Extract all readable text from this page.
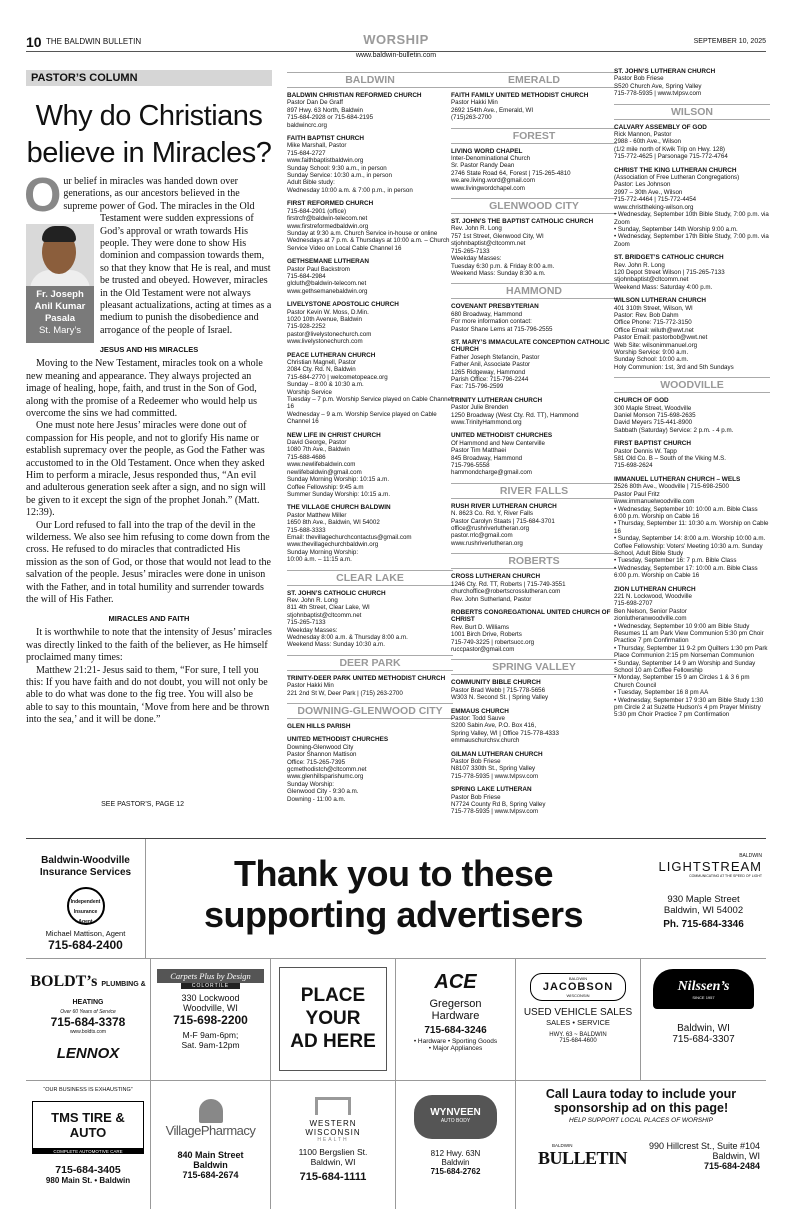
10 THE BALDWIN BULLETIN	WORSHIP
www.baldwin-bulletin.com
SEPTEMBER 10, 2025
PASTOR’S COLUMN
Why do Christians believe in Miracles?
O
Fr. Joseph Anil Kumar Pasala
St. Mary’s
ur belief in miracles was handed down over generations, as our ancestors believed in the supreme power of God. The miracles in the Old Testament were sudden expressions of God’s approval or wrath towards His people. They were done to show His dominion and compassion towards them, so that they know that He is real, and must be trusted and obeyed. However, miracles in the Old Testament were not always pleasant actualizations, acting at times as a medium to punish the disobedience and arrogance of the people of Israel.
JESUS AND HIS MIRACLES
Moving to the New Testament, miracles took on a whole new meaning and appearance. They always projected an image of healing, hope, faith, and trust in the Son of God, along with the promise of a Redeemer who would help us overcome the sins we had committed.
One must note here Jesus’ miracles were done out of compassion for His people, and not to glorify His name or establish supremacy over the people, as God the Father was accustomed to in the Old Testament. Once when they asked Him to perform a miracle, Jesus responded thus, “An evil and adulterous generation seek after a sign, and no sign will be given to it except the sign of the prophet Jonah.” (Matt. 12:39).
Our Lord refused to fall into the trap of the devil in the wilderness. We also see him refusing to come down from the cross. He refused to do miracles that contradicted His mission as the son of God, or those that would not lead to the salvation of the people. Jesus’ miracles were done in unison with the Father, and in total humility and surrender towards the will of His Father.
MIRACLES AND FAITH
It is worthwhile to note that the intensity of Jesus’ miracles was directly linked to the faith of the believer, as He himself proclaimed many times:
Matthew 21:21- Jesus said to them, “For sure, I tell you this: If you have faith and do not doubt, you will not only be able to do what was done to the fig tree. You will also be able to say to this mountain, ‘Move from here and be thrown into the sea,’ and it will be done.”
SEE PASTOR’S, PAGE 12
BALDWIN
BALDWIN CHRISTIAN REFORMED CHURCH
Pastor Dan De Graff
897 Hwy. 63 North, Baldwin
715-684-2928 or 715-684-2195
baldwincrc.org
FAITH BAPTIST CHURCH
Mike Marshall, Pastor
715-684-2727
www.faithbaptistbaldwin.org
Sunday School: 9:30 a.m., in person
Sunday Service: 10:30 a.m., in person
Adult Bible study:
Wednesday 10:00 a.m. & 7:00 p.m., in person
FIRST REFORMED CHURCH
715-684-2901 (office)
firstrcfr@baldwin-telecom.net
www.firstreformedbaldwin.org
Sunday at 9:30 a.m. Church Service in-house or online
Wednesdays at 7 p.m. & Thursdays at 10:00 a.m. – Church Service Video on Local Cable Channel 16
GETHSEMANE LUTHERAN
Pastor Paul Backstrom
715-684-2984
glcluth@baldwin-telecom.net
www.gethsemanebaldwin.org
LIVELYSTONE APOSTOLIC CHURCH
Pastor Kevin W. Moss, D.Min.
1020 10th Avenue, Baldwin
715-928-2252
pastor@livelystonechurch.com
www.livelystonechurch.com
PEACE LUTHERAN CHURCH
Christian Magnell, Pastor
2084 Cty. Rd. N, Baldwin
715-684-2770 | welcometopeace.org
Sunday – 8:00 & 10:30 a.m.
Worship Service
Tuesday – 7 p.m. Worship Service played on Cable Channel 16
Wednesday – 9 a.m. Worship Service played on Cable Channel 16
NEW LIFE IN CHRIST CHURCH
David George, Pastor
1080 7th Ave., Baldwin
715-688-4686
www.newlifebaldwin.com
newlifebaldwin@gmail.com
Sunday Morning Worship: 10:15 a.m.
Coffee Fellowship: 9:45 a.m
Summer Sunday Worship: 10:15 a.m.
THE VILLAGE CHURCH BALDWIN
Pastor Matthew Miller
1650 8th Ave., Baldwin, WI 54002
715-688-3333
Email: thevillagechurchcontactus@gmail.com
www.thevillagechurchbaldwin.org
Sunday Morning Worship:
10:00 a.m. – 11:15 a.m.
CLEAR LAKE
ST. JOHN’S CATHOLIC CHURCH
Rev. John R. Long
811 4th Street, Clear Lake, WI
stjohnbaptist@cltcomm.net
715-265-7133
Weekday Masses:
Wednesday 8:00 a.m. & Thursday 8:00 a.m.
Weekend Mass: Sunday 10:30 a.m.
DEER PARK
TRINITY-DEER PARK UNITED METHODIST CHURCH
Pastor Hakki Min
221 2nd St W, Deer Park | (715) 263-2700
DOWNING-GLENWOOD CITY
GLEN HILLS PARISH
UNITED METHODIST CHURCHES
Downing-Glenwood City
Pastor Shannon Mattison
Office: 715-265-7395
gcmethodistch@cltcomm.net
www.glenhillsparishumc.org
Sunday Worship:
Glenwood City - 9:30 a.m.
Downing - 11:00 a.m.
EMERALD
FAITH FAMILY UNITED METHODIST CHURCH
Pastor Hakki Min
2692 154th Ave., Emerald, WI
(715)263-2700
FOREST
LIVING WORD CHAPEL
Inter-Denominational Church
Sr. Pastor Randy Dean
2746 State Road 64, Forest | 715-265-4810
we.are.living.word@gmail.com
www.livingwordchapel.com
GLENWOOD CITY
ST. JOHN’S THE BAPTIST CATHOLIC CHURCH
Rev. John R. Long
757 1st Street, Glenwood City, WI
stjohnbaptist@cltcomm.net
715-265-7133
Weekday Masses:
Tuesday 6:30 p.m. & Friday 8:00 a.m.
Weekend Mass: Sunday 8:30 a.m.
HAMMOND
COVENANT PRESBYTERIAN
680 Broadway, Hammond
For more information contact:
Pastor Shane Lems at 715-796-2555
ST. MARY’S IMMACULATE CONCEPTION CATHOLIC CHURCH
Father Joseph Stefancin, Pastor
Father Anil, Associate Pastor
1265 Ridgeway, Hammond
Parish Office: 715-796-2244
Fax: 715-796-2599
TRINITY LUTHERAN CHURCH
Pastor Julie Brenden
1250 Broadway (West Cty. Rd. TT), Hammond
www.TrinityHammond.org
UNITED METHODIST CHURCHES
Of Hammond and New Centerville
Pastor Tim Matthaei
845 Broadway, Hammond
715-796-5558
hammondcharge@gmail.com
RIVER FALLS
RUSH RIVER LUTHERAN CHURCH
N. 8623 Co. Rd. Y, River Falls
Pastor Carolyn Staats | 715-684-3701
office@rushriverlutheran.org
pastor.rrlc@gmail.com
www.rushriverlutheran.org
ROBERTS
CROSS LUTHERAN CHURCH
1246 Cty. Rd. TT, Roberts | 715-749-3551
churchoffice@robertscrosslutheran.com
Rev. John Sutherland, Pastor
ROBERTS CONGREGATIONAL UNITED CHURCH OF CHRIST
Rev. Burt D. Williams
1001 Birch Drive, Roberts
715-749-3225 | robertsucc.org
ruccpastor@gmail.com
SPRING VALLEY
COMMUNITY BIBLE CHURCH
Pastor Brad Webb | 715-778-5656
W303 N. Second St. | Spring Valley
EMMAUS CHURCH
Pastor: Todd Sauve
S200 Sabin Ave, P.O. Box 416,
Spring Valley, WI | Office 715-778-4333
emmauschurchsv.church
GILMAN LUTHERAN CHURCH
Pastor Bob Friese
N8107 330th St., Spring Valley
715-778-5935 | www.tvlpsv.com
SPRING LAKE LUTHERAN
Pastor Bob Friese
N7724 County Rd B, Spring Valley
715-778-5935 | www.tvlpsv.com
ST. JOHN’S LUTHERAN CHURCH
Pastor Bob Friese
S520 Church Ave, Spring Valley
715-778-5935 | www.tvlpsv.com
WILSON
CALVARY ASSEMBLY OF GOD
Rick Mannon, Pastor
2988 - 60th Ave., Wilson
(1/2 mile north of Kwik Trip on Hwy. 128)
715-772-4625 | Parsonage 715-772-4764
CHRIST THE KING LUTHERAN CHURCH
(Association of Free Lutheran Congregations)
Pastor: Les Johnson
2997 – 30th Ave., Wilson
715-772-4464 | 715-772-4454
www.christtheking-wilson.org
• Wednesday, September 10th Bible Study, 7:00 p.m. via Zoom
• Sunday, September 14th Worship 9:00 a.m.
• Wednesday, September 17th Bible Study, 7:00 p.m. via Zoom
ST. BRIDGET’S CATHOLIC CHURCH
Rev. John R. Long
120 Depot Street Wilson | 715-265-7133
stjohnbaptist@cltcomm.net
Weekend Mass: Saturday 4:00 p.m.
WILSON LUTHERAN CHURCH
401 310th Street, Wilson, WI
Pastor: Rev. Bob Dahm
Office Phone: 715-772-3150
Office Email: wiluth@wwt.net
Pastor Email: pastorbob@wwt.net
Web Site: wilsonimmanuel.org
Worship Service: 9:00 a.m.
Sunday School: 10:00 a.m.
Holy Communion: 1st, 3rd and 5th Sundays
WOODVILLE
CHURCH OF GOD
300 Maple Street, Woodville
Daniel Monson 715-698-2635
David Meyers 715-441-8900
Sabbath (Saturday) Service: 2 p.m. - 4 p.m.
FIRST BAPTIST CHURCH
Pastor Dennis W. Tapp
581 Old Co. B – South of the Viking M.S.
715-698-2624
IMMANUEL LUTHERAN CHURCH – WELS
2526 80th Ave., Woodville | 715-698-2500
Pastor Paul Fritz
www.immanuelwoodville.com
• Wednesday, September 10: 10:00 a.m. Bible Class 6:00 p.m. Worship on Cable 16
• Thursday, September 11: 10:30 a.m. Worship on Cable 16
• Sunday, September 14: 8:00 a.m. Worship 10:00 a.m. Coffee Fellowship: Voters’ Meeting 10:30 a.m. Sunday School, Adult Bible Study
• Tuesday, September 16: 7 p.m. Bible Class
• Wednesday, September 17: 10:00 a.m. Bible Class 6:00 p.m. Worship on Cable 16
ZION LUTHERAN CHURCH
221 N. Lockwood, Woodville
715-698-2707
Ben Nelson, Senior Pastor
zionlutheranwoodville.com
• Wednesday, September 10 9:00 am Bible Study Resumes 11 am Park View Communion 5:30 pm Choir Practice 7 pm Confirmation
• Thursday, September 11 9-2 pm Quilters 1:30 pm Park Place Communion 2:15 pm Norseman Communion
• Sunday, September 14 9 am Worship and Sunday School 10 am Coffee Fellowship
• Monday, September 15 9 am Circles 1 & 3 6 pm Church Council
• Tuesday, September 16 8 pm AA
• Wednesday, September 17 9:30 am Bible Study 1:30 pm Circle 2 at Suzette Hudson’s 4 pm Prayer Ministry 5:30 pm Choir Practice 7 pm Confirmation
Baldwin-Woodville Insurance Services
Independent Insurance Agent
Michael Mattison, Agent
715-684-2400
Thank you to these
supporting advertisers
BALDWIN
LIGHTSTREAM
COMMUNICATING AT THE SPEED OF LIGHT
930 Maple Street
Baldwin, WI 54002
Ph. 715-684-3346
BOLDT’s PLUMBING & HEATING
Over 60 Years of Service
715-684-3378
www.boldts.com
LENNOX
Carpets Plus by Design
COLORTILE
330 Lockwood
Woodville, WI
715-698-2200
M-F 9am-6pm;
Sat. 9am-12pm
PLACE
YOUR
AD HERE
ACE
Gregerson
Hardware
715-684-3246
• Hardware • Sporting Goods
• Major Appliances
BALDWIN
JACOBSON
WISCONSIN
USED VEHICLE SALES
SALES • SERVICE
HWY. 63 ~ BALDWIN
715-684-4600
Nilssen’s
SINCE 1957
Baldwin, WI
715-684-3307
“OUR BUSINESS IS EXHAUSTING”
TMS TIRE & AUTO
COMPLETE AUTOMOTIVE CARE
715-684-3405
980 Main St. • Baldwin
VillagePharmacy
840 Main Street
Baldwin
715-684-2674
WESTERN
WISCONSIN
HEALTH
1100 Bergslien St.
Baldwin, WI
715-684-1111
WYNVEEN
AUTO BODY
812 Hwy. 63N
Baldwin
715-684-2762
Call Laura today to include your
sponsorship ad on this page!
HELP SUPPORT LOCAL PLACES OF WORSHIP
BALDWIN
BULLETIN
990 Hillcrest St., Suite #104
Baldwin, WI
715-684-2484
